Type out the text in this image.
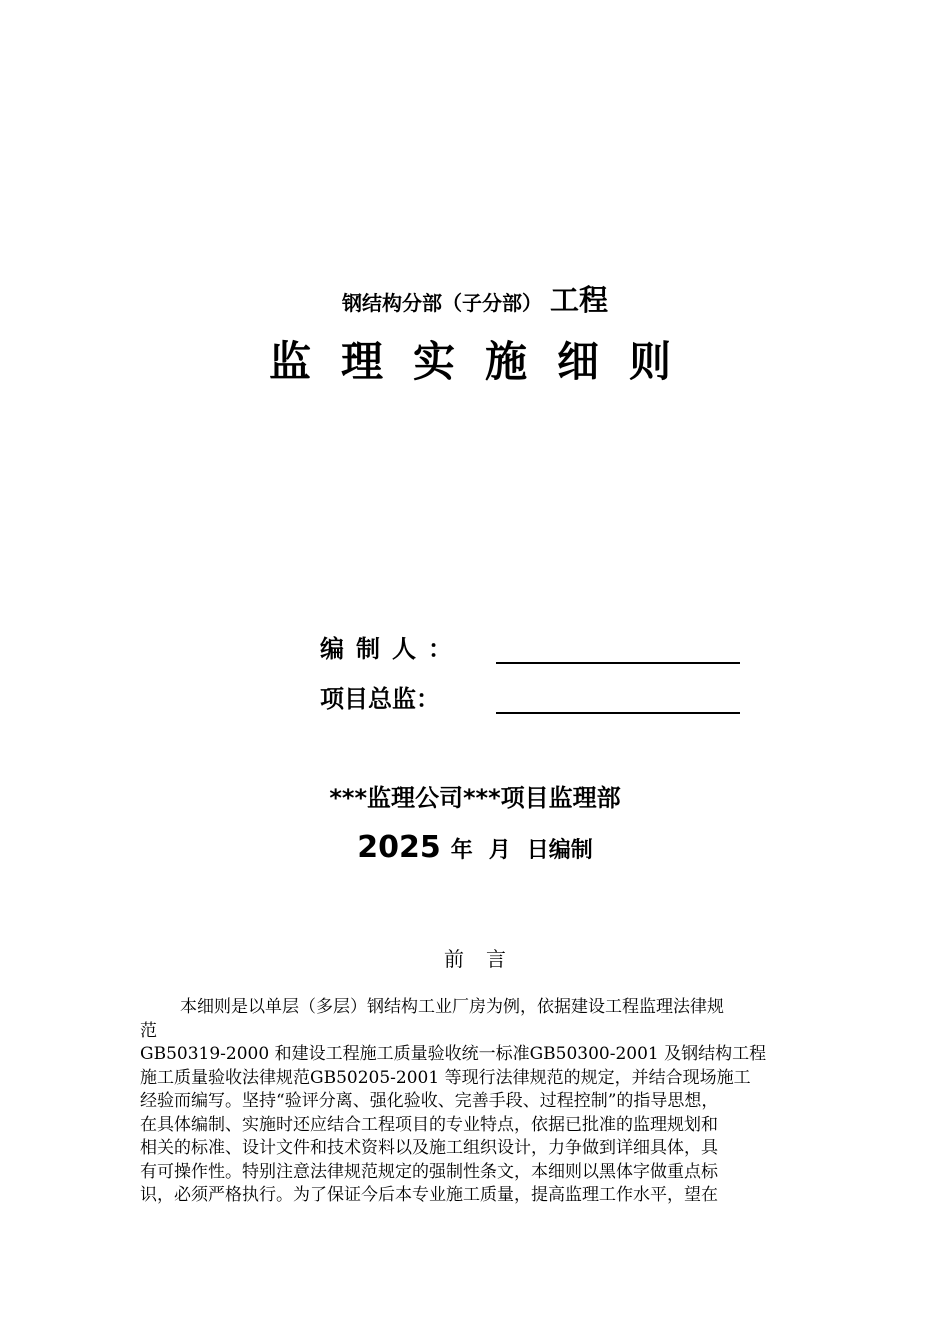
钢结构分部（子分部） 工程
监理实施细则
编制人：
项目总监：
***监理公司***项目监理部
2025 年 月 日编制
前言
本细则是以单层（多层）钢结构工业厂房为例，依据建设工程监理法律规
范
GB50319-2000 和建设工程施工质量验收统一标准GB50300-2001 及钢结构工程
施工质量验收法律规范GB50205-2001 等现行法律规范的规定，并结合现场施工
经验而编写。坚持“验评分离、强化验收、完善手段、过程控制”的指导思想，
在具体编制、实施时还应结合工程项目的专业特点，依据已批准的监理规划和
相关的标准、设计文件和技术资料以及施工组织设计，力争做到详细具体，具
有可操作性。特别注意法律规范规定的强制性条文，本细则以黑体字做重点标
识，必须严格执行。为了保证今后本专业施工质量，提高监理工作水平，望在
